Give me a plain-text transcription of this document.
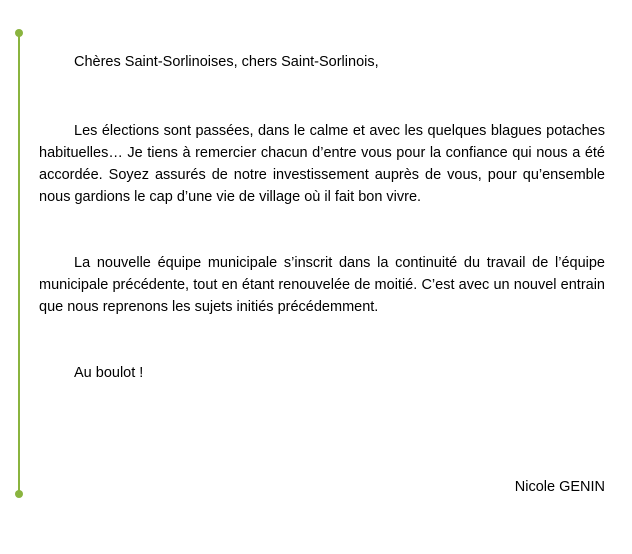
Chères Saint-Sorlinoises, chers Saint-Sorlinois,

Les élections sont passées, dans le calme et avec les quelques blagues potaches habituelles… Je tiens à remercier chacun d’entre vous pour la confiance qui nous a été accordée. Soyez assurés de notre investissement auprès de vous, pour qu’ensemble nous gardions le cap d’une vie de village où il fait bon vivre.

La nouvelle équipe municipale s’inscrit dans la continuité du travail de l’équipe municipale précédente, tout en étant renouvelée de moitié. C’est avec un nouvel entrain que nous reprenons les sujets initiés précédemment.

Au boulot !

Nicole GENIN
